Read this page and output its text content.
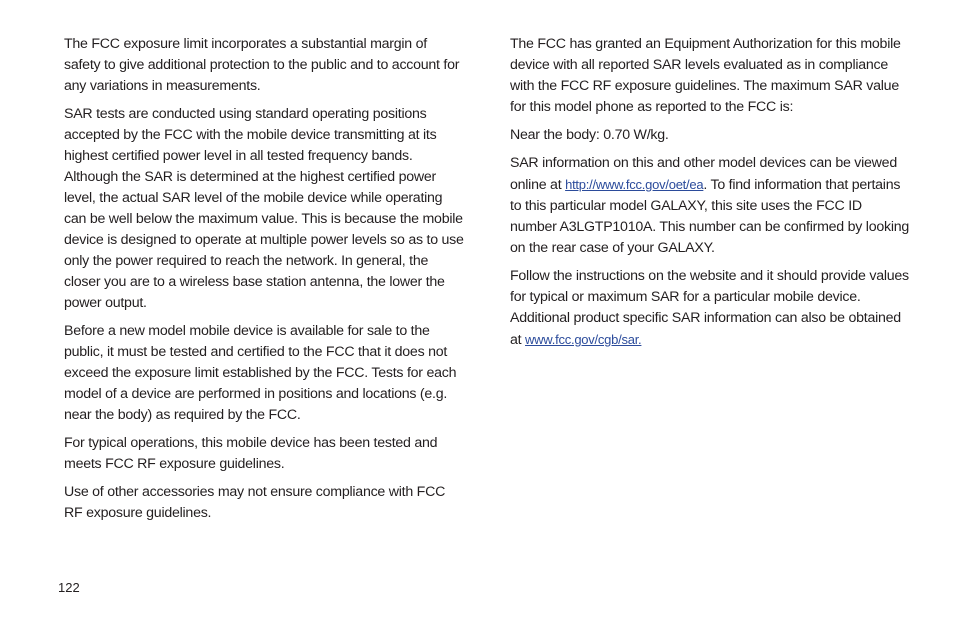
The FCC exposure limit incorporates a substantial margin of safety to give additional protection to the public and to account for any variations in measurements.

SAR tests are conducted using standard operating positions accepted by the FCC with the mobile device transmitting at its highest certified power level in all tested frequency bands. Although the SAR is determined at the highest certified power level, the actual SAR level of the mobile device while operating can be well below the maximum value. This is because the mobile device is designed to operate at multiple power levels so as to use only the power required to reach the network. In general, the closer you are to a wireless base station antenna, the lower the power output.

Before a new model mobile device is available for sale to the public, it must be tested and certified to the FCC that it does not exceed the exposure limit established by the FCC. Tests for each model of a device are performed in positions and locations (e.g. near the body) as required by the FCC.

For typical operations, this mobile device has been tested and meets FCC RF exposure guidelines.

Use of other accessories may not ensure compliance with FCC RF exposure guidelines.

The FCC has granted an Equipment Authorization for this mobile device with all reported SAR levels evaluated as in compliance with the FCC RF exposure guidelines. The maximum SAR value for this model phone as reported to the FCC is:

Near the body: 0.70 W/kg.

SAR information on this and other model devices can be viewed online at http://www.fcc.gov/oet/ea. To find information that pertains to this particular model GALAXY, this site uses the FCC ID number A3LGTP1010A. This number can be confirmed by looking on the rear case of your GALAXY.

Follow the instructions on the website and it should provide values for typical or maximum SAR for a particular mobile device. Additional product specific SAR information can also be obtained at www.fcc.gov/cgb/sar.

122
